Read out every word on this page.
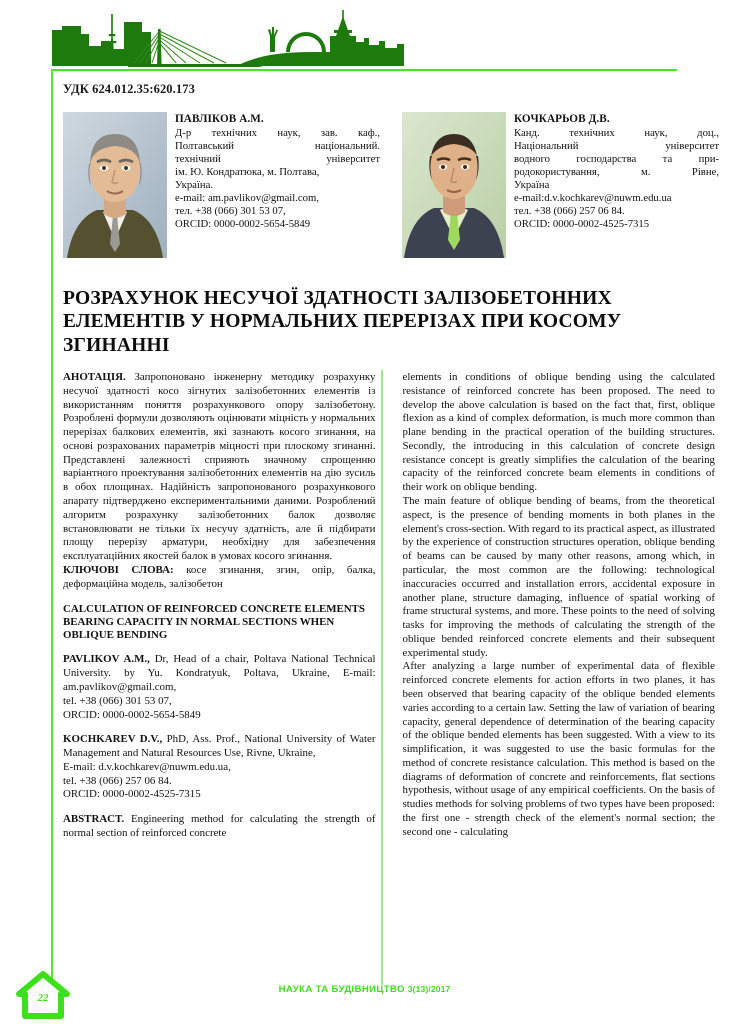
УДК 624.012.35:620.173
ПАВЛІКОВ А.М.
Д-р технічних наук, зав. каф.,
Полтавський національний.
технічний університет
ім. Ю. Кондратюка, м. Полтава,
Україна.
e-mail: am.pavlikov@gmail.com,
тел. +38 (066) 301 53 07,
ORCID: 0000-0002-5654-5849
КОЧКАРЬОВ Д.В.
Канд. технічних наук, доц.,
Національний університет
водного господарства та при-
родокористування, м. Рівне,
Україна
e-mail:d.v.kochkarev@nuwm.edu.ua
тел. +38 (066) 257 06 84.
ORCID: 0000-0002-4525-7315
РОЗРАХУНОК НЕСУЧОЇ ЗДАТНОСТІ ЗАЛІЗОБЕТОННИХ ЕЛЕМЕНТІВ У НОРМАЛЬНИХ ПЕРЕРІЗАХ ПРИ КОСОМУ ЗГИНАННІ

АНОТАЦІЯ. Запропоновано інженерну методику розрахунку несучої здатності косо зігнутих залізобетонних елементів із використанням поняття розрахункового опору залізобетону. Розроблені формули дозволяють оцінювати міцність у нормальних перерізах балкових елементів, які зазнають косого згинання, на основі розрахованих параметрів міцності при плоскому згинанні. Представлені залежності сприяють значному спрощенню варіантного проектування залізобетонних елементів на дію зусиль в обох площинах. Надійність запропонованого розрахункового апарату підтверджено експериментальними даними. Розроблений алгоритм розрахунку залізобетонних балок дозволяє встановлювати не тільки їх несучу здатність, але й підбирати площу перерізу арматури, необхідну для забезпечення експлуатаційних якостей балок в умовах косого згинання.

КЛЮЧОВІ СЛОВА: косе згинання, згин, опір, балка, деформаційна модель, залізобетон

CALCULATION OF REINFORCED CONCRETE ELEMENTS BEARING CAPACITY IN NORMAL SECTIONS WHEN OBLIQUE BENDING

PAVLIKOV A.M., Dr, Head of a chair, Poltava National Technical University. by Yu. Kondratyuk, Poltava, Ukraine, E-mail: am.pavlikov@gmail.com,

tel. +38 (066) 301 53 07,

ORCID: 0000-0002-5654-5849

KOCHKAREV D.V., PhD, Ass. Prof., National University of Water Management and Natural Resources Use, Rivne, Ukraine,

E-mail: d.v.kochkarev@nuwm.edu.ua,

tel. +38 (066) 257 06 84.

ORCID: 0000-0002-4525-7315

ABSTRACT. Engineering method for calculating the strength of normal section of reinforced concrete

elements in conditions of oblique bending using the calculated resistance of reinforced concrete has been proposed. The need to develop the above calculation is based on the fact that, first, oblique flexion as a kind of complex deformation, is much more common than plane bending in the practical operation of the building structures. Secondly, the introducing in this calculation of concrete design resistance concept is greatly simplifies the calculation of the bearing capacity of the reinforced concrete beam elements in conditions of their work on oblique bending.

The main feature of oblique bending of beams, from the theoretical aspect, is the presence of bending moments in both planes in the element's cross-section. With regard to its practical aspect, as illustrated by the experience of construction structures operation, oblique bending of beams can be caused by many other reasons, among which, in particular, the most common are the following: technological inaccuracies occurred and installation errors, accidental exposure in another plane, structure damaging, influence of spatial working of frame structural systems, and more. These points to the need of solving tasks for improving the methods of calculating the strength of the oblique bended reinforced concrete elements and their subsequent experimental study.

After analyzing a large number of experimental data of flexible reinforced concrete elements for action efforts in two planes, it has been observed that bearing capacity of the oblique bended elements varies according to a certain law. Setting the law of variation of bearing capacity, general dependence of determination of the bearing capacity of the oblique bended elements has been suggested. With a view to its simplification, it was suggested to use the basic formulas for the method of concrete resistance calculation. This method is based on the diagrams of deformation of concrete and reinforcements, flat sections hypothesis, without usage of any empirical coefficients. On the basis of studies methods for solving problems of two types have been proposed: the first one - strength check of the element's normal section; the second one - calculating

22
НАУКА ТА БУДІВНИЦТВО 3(13)/2017
